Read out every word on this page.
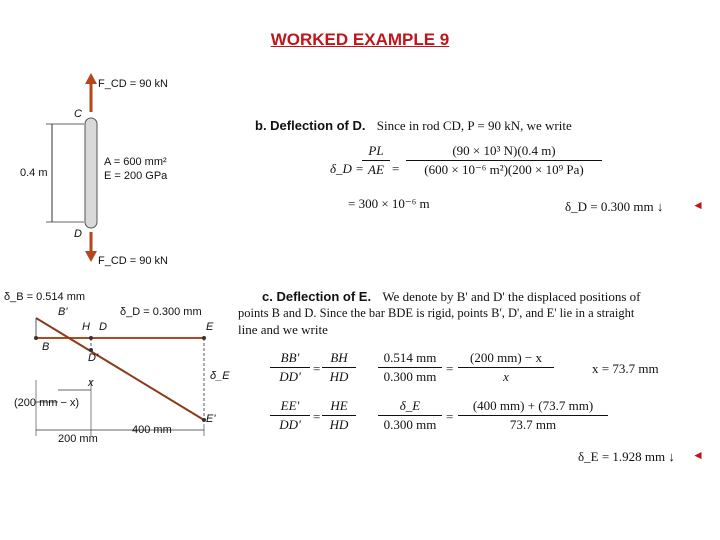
WORKED EXAMPLE 9
F_CD = 90 kN
C
0.4 m
A = 600 mm²
E = 200 GPa
D
F_CD = 90 kN
b. Deflection of D. Since in rod CD, P = 90 kN, we write
δ_D =
$\frac{PL}{AE} = \frac{\text{(90 × 10³ N)(0.4 m)}}{\text{(600 × 10⁻⁶ m²)(200 × 10⁹ Pa)}}$
= 300 × 10⁻⁶ m	δ_D = 0.300 mm ↓ ◄
δ_B = 0.514 mm
B'	δ_D = 0.300 mm
H D	E
B
D'
x
δ_E
(200 mm − x)
E'
200 mm
400 mm
c. Deflection of E. We denote by B' and D' the displaced positions of
points B and D. Since the bar BDE is rigid, points B', D', and E' lie in a straight
line and we write
$\frac{BB'}{DD'} = \frac{BH}{HD} \frac{0.514 mm}{0.300 mm} = \frac{(200 mm) - x}{x}$	x = 73.7 mm
$\frac{EE'}{DD'} = \frac{HE}{HD} \frac{\delta\_E}{0.300 mm} = \frac{(400 mm) + (73.7 mm)}{73.7 mm}$
δ_E = 1.928 mm ↓ ◄
